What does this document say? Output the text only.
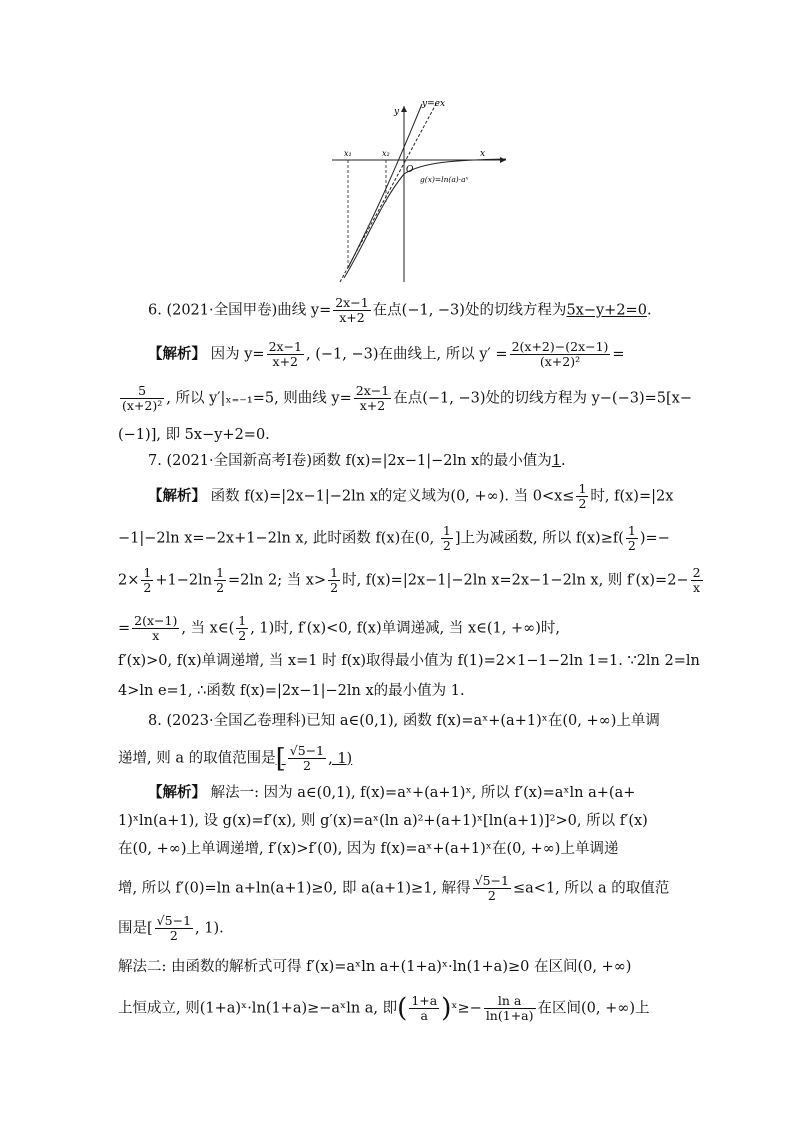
y
y=ex
x
O
x₁	x₂
g(x)=ln(a)·aˣ
6. (2021·全国甲卷)曲线 $y= \frac{2x-1}{x+2}$ 在点(−1, −3)处的切线方程为5x−y+2=0.
【解析】 因为 $y= \frac{2x-1}{x+2}$ , (−1, −3)在曲线上, 所以 $y' = \frac{2(x+2)-(2x-1)}{\text{(x+2)²}}$ =
$\frac{5}{\text{(x+2)²}}$ , 所以 y′|ₓ₌₋₁=5, 则曲线 $y= \frac{2x-1}{x+2}$ 在点(−1, −3)处的切线方程为 y−(−3)=5[x−
(−1)], 即 5x−y+2=0.
7. (2021·全国新高考Ⅰ卷)函数 f(x)=|2x−1|−2ln x的最小值为1.
【解析】 函数 f(x)=|2x−1|−2ln x的定义域为(0, +∞). 当 $0<x\le \frac{1}{2}$ 时, f(x)=|2x
−1|−2ln x=−2x+1−2ln x, 此时函数 f(x)在(0, $\frac{1}{2}$ ]上为减函数, 所以 $f(x)\ge f( \frac{1}{2}$ )=−
$2\times \frac{1}{2} +1-2\ln \frac{1}{2} =2\ln$ 2; 当 $x> \frac{1}{2}$ 时, f(x)=|2x−1|−2ln x=2x−1−2ln x, 则 $f'(x)=2- \frac{2}{x}$
= $\frac{2(x-1)}{x}$ , 当 x∈( $\frac{1}{2}$ , 1)时, f′(x)<0, f(x)单调递减, 当 x∈(1, +∞)时,
f′(x)>0, f(x)单调递增, 当 x=1 时 f(x)取得最小值为 f(1)=2×1−1−2ln 1=1. ∵2ln 2=ln
4>ln e=1, ∴函数 f(x)=|2x−1|−2ln x的最小值为 1.
8. (2023·全国乙卷理科)已知 a∈(0,1), 函数 f(x)=aˣ+(a+1)ˣ在(0, +∞)上单调
递增, 则 a 的取值范围是[ $\frac{√5-1}{2}$ , 1)
【解析】 解法一: 因为 a∈(0,1), f(x)=aˣ+(a+1)ˣ, 所以 f′(x)=aˣln a+(a+
1)ˣln(a+1), 设 g(x)=f′(x), 则 g′(x)=aˣ(ln a)²+(a+1)ˣ[ln(a+1)]²>0, 所以 f′(x)
在(0, +∞)上单调递增, f′(x)>f′(0), 因为 f(x)=aˣ+(a+1)ˣ在(0, +∞)上单调递
增, 所以 f′(0)=ln a+ln(a+1)≥0, 即 a(a+1)≥1, 解得 $\frac{√5-1}{2} \le a<1$, 所以 a 的取值范
围是[ $\frac{√5-1}{2}$ , 1).
解法二: 由函数的解析式可得 f′(x)=aˣln a+(1+a)ˣ·ln(1+a)≥0 在区间(0, +∞)
上恒成立, 则(1+a)ˣ·ln(1+a)≥−aˣln a, 即( $\frac{1+a}{a}$ )ˣ≥− $\frac{\text{ln a}}{\ln(1+a)}$ 在区间(0, +∞)上
